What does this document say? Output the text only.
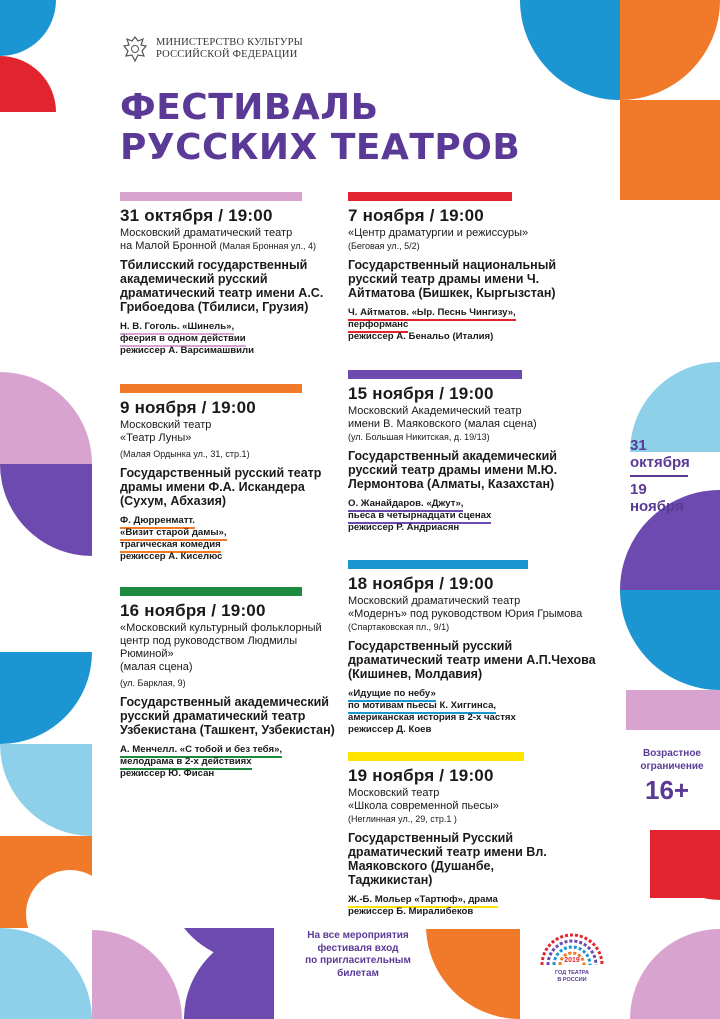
МИНИСТЕРСТВО КУЛЬТУРЫ
РОССИЙСКОЙ ФЕДЕРАЦИИ
ФЕСТИВАЛЬ
РУССКИХ ТЕАТРОВ
31 октября / 19:00
Московский драматический театр
на Малой Бронной (Малая Бронная ул., 4)
Тбилисский государственный академический русский драматический театр имени А.С. Грибоедова (Тбилиси, Грузия)
Н. В. Гоголь. «Шинель»,
феерия в одном действии
режиссер А. Варсимашвили
9 ноября / 19:00
Московский театр
«Театр Луны»
(Малая Ордынка ул., 31, стр.1)
Государственный русский театр драмы имени Ф.А. Искандера (Сухум, Абхазия)
Ф. Дюрренматт.
«Визит старой дамы»,
трагическая комедия
режиссер А. Киселюс
16 ноября / 19:00
«Московский культурный фольклорный центр под руководством Людмилы Рюминой»
(малая сцена)
(ул. Барклая, 9)
Государственный академический русский драматический театр Узбекистана (Ташкент, Узбекистан)
А. Менчелл. «С тобой и без тебя»,
мелодрама в 2-х действиях
режиссер Ю. Фисан
7 ноября / 19:00
«Центр драматургии и режиссуры»
(Беговая ул., 5/2)
Государственный национальный русский театр драмы имени Ч. Айтматова (Бишкек, Кыргызстан)
Ч. Айтматов. «Ыр. Песнь Чингизу»,
перформанс
режиссер А. Бенальо (Италия)
15 ноября / 19:00
Московский Академический театр
имени В. Маяковского (малая сцена)
(ул. Большая Никитская, д. 19/13)
Государственный академический русский театр драмы имени М.Ю. Лермонтова (Алматы, Казахстан)
О. Жанайдаров. «Джут»,
пьеса в четырнадцати сценах
режиссер Р. Андриасян
18 ноября / 19:00
Московский драматический театр
«Модернъ» под руководством Юрия Грымова
(Спартаковская пл., 9/1)
Государственный русский драматический театр имени А.П.Чехова (Кишинев, Молдавия)
«Идущие по небу»
по мотивам пьесы К. Хиггинса,
американская история в 2-х частях
режиссер Д. Коев
19 ноября / 19:00
Московский театр
«Школа современной пьесы»
(Неглинная ул., 29, стр.1 )
Государственный Русский драматический театр имени Вл. Маяковского (Душанбе, Таджикистан)
Ж.-Б. Мольер «Тартюф», драма
режиссер Б. Миралибеков
31
октября
19
ноября
Возрастное
ограничение
16+
На все мероприятия
фестиваля вход
по пригласительным
билетам
2019
ГОД ТЕАТРА
В РОССИИ
